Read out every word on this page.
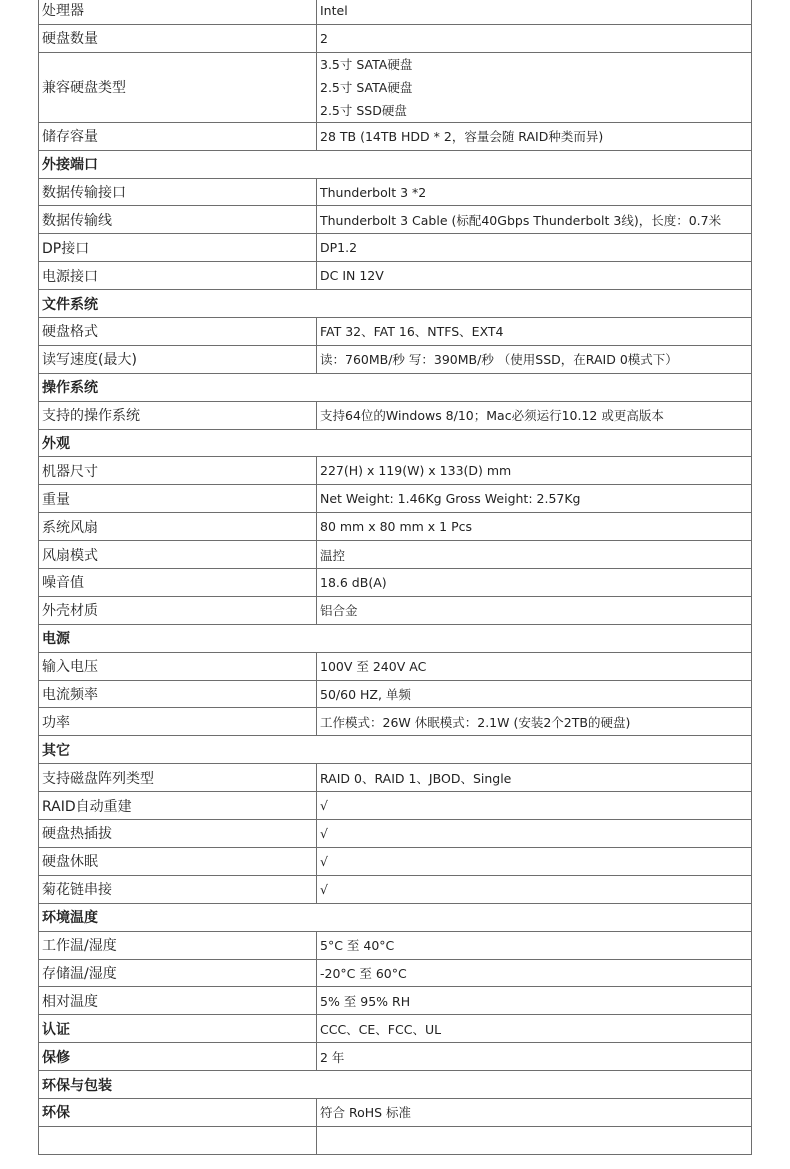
处理器	Intel
硬盘数量	2
兼容硬盘类型	3.5寸 SATA硬盘
2.5寸 SATA硬盘
2.5寸 SSD硬盘

储存容量	28 TB (14TB HDD * 2，容量会随 RAID种类而异)
外接端口	
数据传输接口	Thunderbolt 3 *2
数据传输线	Thunderbolt 3 Cable (标配40Gbps Thunderbolt 3线)，长度：0.7米
DP接口	DP1.2
电源接口	DC IN 12V
文件系统	
硬盘格式	FAT 32、FAT 16、NTFS、EXT4
读写速度(最大)	读：760MB/秒 写：390MB/秒 （使用SSD，在RAID 0模式下）
操作系统	
支持的操作系统	支持64位的Windows 8/10；Mac必须运行10.12 或更高版本
外观	
机器尺寸	227(H) x 119(W) x 133(D) mm
重量	Net Weight: 1.46Kg Gross Weight: 2.57Kg
系统风扇	80 mm x 80 mm x 1 Pcs
风扇模式	温控
噪音值	18.6 dB(A)
外壳材质	铝合金
电源	
输入电压	100V 至 240V AC
电流频率	50/60 HZ, 单频
功率	工作模式：26W 休眠模式：2.1W (安装2个2TB的硬盘)
其它	
支持磁盘阵列类型	RAID 0、RAID 1、JBOD、Single
RAID自动重建	√
硬盘热插拔	√
硬盘休眠	√
菊花链串接	√
环境温度	
工作温/湿度	5°C 至 40°C
存储温/湿度	-20°C 至 60°C
相对温度	5% 至 95% RH
认证	CCC、CE、FCC、UL
保修	2 年
环保与包装	
环保	符合 RoHS 标准
